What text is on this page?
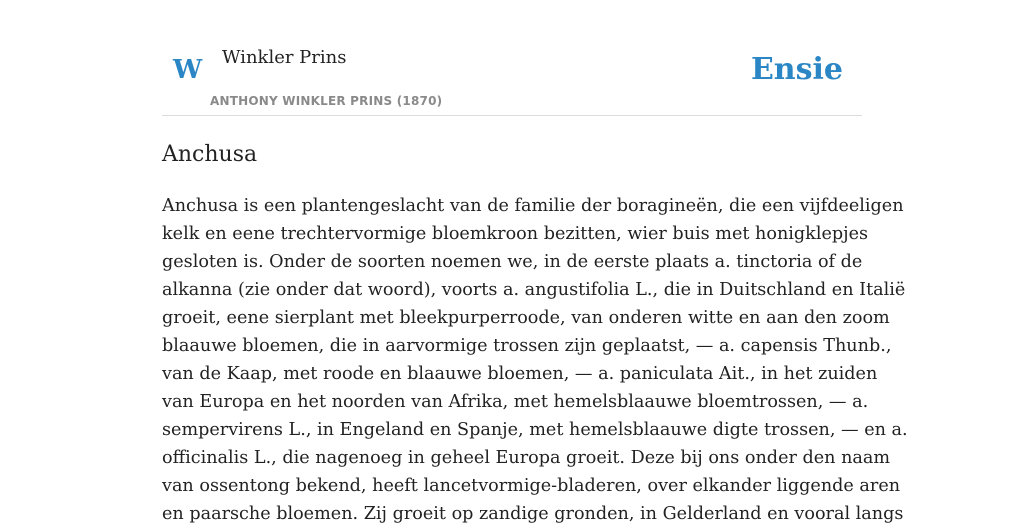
W Winkler Prins
ANTHONY WINKLER PRINS (1870)
Ensie
Anchusa
Anchusa is een plantengeslacht van de familie der boragineën, die een vijfdeeligen
kelk en eene trechtervormige bloemkroon bezitten, wier buis met honigklepjes
gesloten is. Onder de soorten noemen we, in de eerste plaats a. tinctoria of de
alkanna (zie onder dat woord), voorts a. angustifolia L., die in Duitschland en Italië
groeit, eene sierplant met bleekpurperroode, van onderen witte en aan den zoom
blaauwe bloemen, die in aarvormige trossen zijn geplaatst, — a. capensis Thunb.,
van de Kaap, met roode en blaauwe bloemen, — a. paniculata Ait., in het zuiden
van Europa en het noorden van Afrika, met hemelsblaauwe bloemtrossen, — a.
sempervirens L., in Engeland en Spanje, met hemelsblaauwe digte trossen, — en a.
officinalis L., die nagenoeg in geheel Europa groeit. Deze bij ons onder den naam
van ossentong bekend, heeft lancetvormige-bladeren, over elkander liggende aren
en paarsche bloemen. Zij groeit op zandige gronden, in Gelderland en vooral langs
